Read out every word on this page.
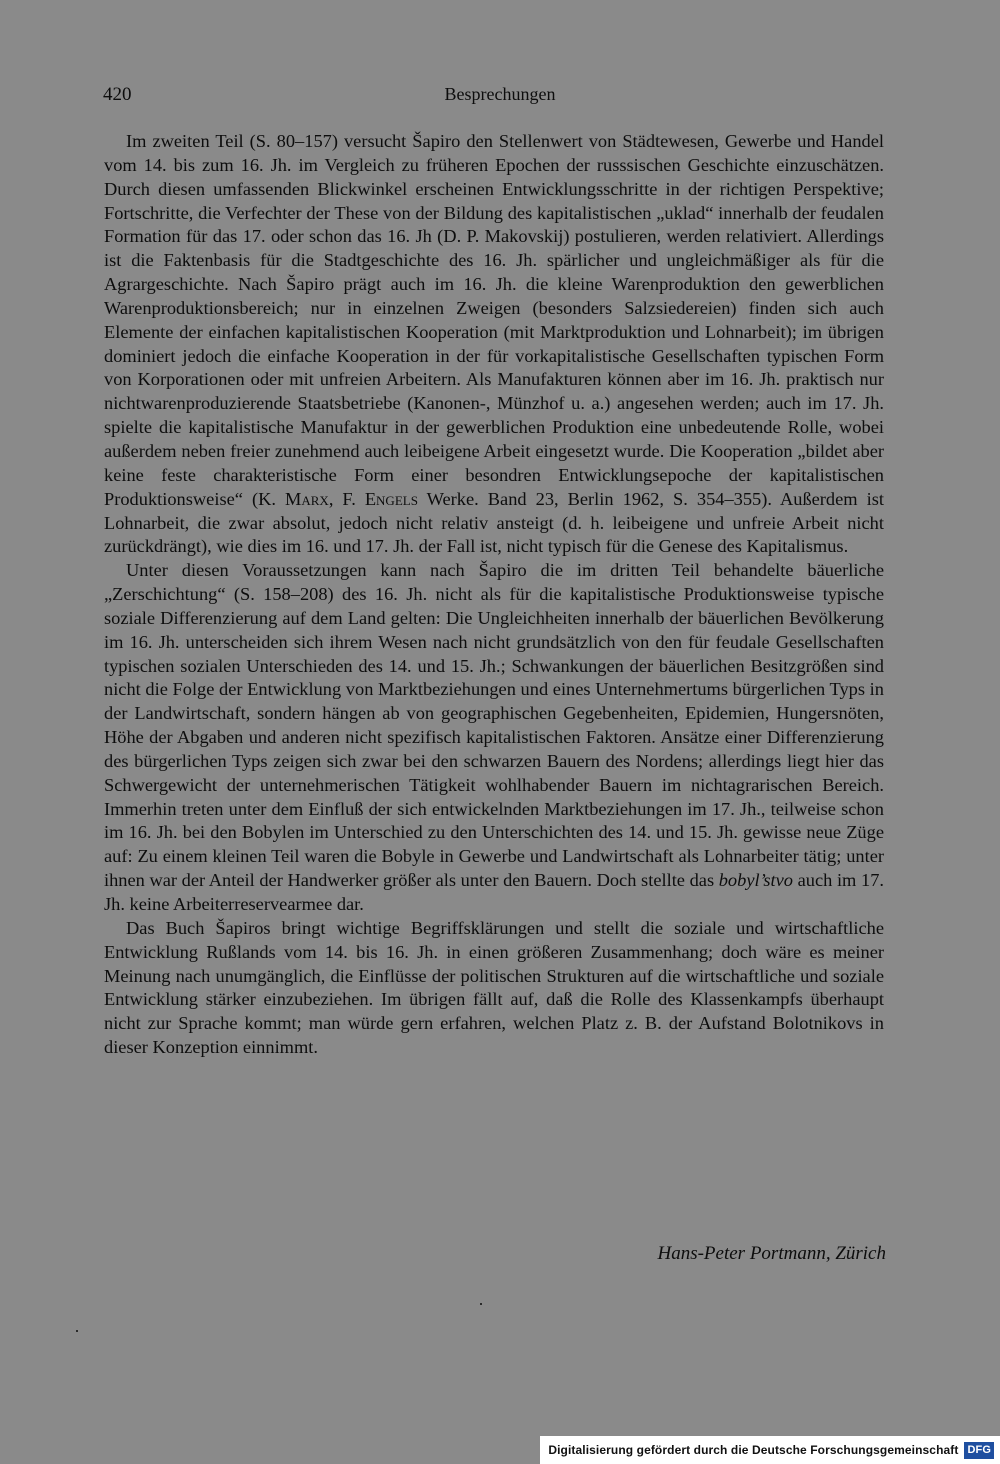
420	Besprechungen

Im zweiten Teil (S. 80–157) versucht Šapiro den Stellenwert von Städtewesen, Gewerbe und Handel vom 14. bis zum 16. Jh. im Vergleich zu früheren Epochen der russsischen Geschichte einzuschätzen. Durch diesen umfassenden Blickwinkel erscheinen Entwicklungsschritte in der richtigen Perspektive; Fortschritte, die Verfechter der These von der Bildung des kapitalistischen „uklad“ innerhalb der feudalen Formation für das 17. oder schon das 16. Jh (D. P. Makovskij) postulieren, werden relativiert. Allerdings ist die Faktenbasis für die Stadtgeschichte des 16. Jh. spärlicher und ungleichmäßiger als für die Agrargeschichte. Nach Šapiro prägt auch im 16. Jh. die kleine Warenproduktion den gewerblichen Warenproduktionsbereich; nur in einzelnen Zweigen (besonders Salzsiedereien) finden sich auch Elemente der einfachen kapitalistischen Kooperation (mit Marktproduktion und Lohnarbeit); im übrigen dominiert jedoch die einfache Kooperation in der für vorkapitalistische Gesellschaften typischen Form von Korporationen oder mit unfreien Arbeitern. Als Manufakturen können aber im 16. Jh. praktisch nur nichtwarenproduzierende Staatsbetriebe (Kanonen-, Münzhof u. a.) angesehen werden; auch im 17. Jh. spielte die kapitalistische Manufaktur in der gewerblichen Produktion eine unbedeutende Rolle, wobei außerdem neben freier zunehmend auch leibeigene Arbeit eingesetzt wurde. Die Kooperation „bildet aber keine feste charakteristische Form einer besondren Entwicklungsepoche der kapitalistischen Produktionsweise“ (K. Marx, F. Engels Werke. Band 23, Berlin 1962, S. 354–355). Außerdem ist Lohnarbeit, die zwar absolut, jedoch nicht relativ ansteigt (d. h. leibeigene und unfreie Arbeit nicht zurückdrängt), wie dies im 16. und 17. Jh. der Fall ist, nicht typisch für die Genese des Kapitalismus.

Unter diesen Voraussetzungen kann nach Šapiro die im dritten Teil behandelte bäuerliche „Zerschichtung“ (S. 158–208) des 16. Jh. nicht als für die kapitalistische Produktionsweise typische soziale Differenzierung auf dem Land gelten: Die Ungleichheiten innerhalb der bäuerlichen Bevölkerung im 16. Jh. unterscheiden sich ihrem Wesen nach nicht grundsätzlich von den für feudale Gesellschaften typischen sozialen Unterschieden des 14. und 15. Jh.; Schwankungen der bäuerlichen Besitzgrößen sind nicht die Folge der Entwicklung von Marktbeziehungen und eines Unternehmertums bürgerlichen Typs in der Landwirtschaft, sondern hängen ab von geographischen Gegebenheiten, Epidemien, Hungersnöten, Höhe der Abgaben und anderen nicht spezifisch kapitalistischen Faktoren. Ansätze einer Differenzierung des bürgerlichen Typs zeigen sich zwar bei den schwarzen Bauern des Nordens; allerdings liegt hier das Schwergewicht der unternehmerischen Tätigkeit wohlhabender Bauern im nichtagrarischen Bereich. Immerhin treten unter dem Einfluß der sich entwickelnden Marktbeziehungen im 17. Jh., teilweise schon im 16. Jh. bei den Bobylen im Unterschied zu den Unterschichten des 14. und 15. Jh. gewisse neue Züge auf: Zu einem kleinen Teil waren die Bobyle in Gewerbe und Landwirtschaft als Lohnarbeiter tätig; unter ihnen war der Anteil der Handwerker größer als unter den Bauern. Doch stellte das bobyl’stvo auch im 17. Jh. keine Arbeiterreservearmee dar.

Das Buch Šapiros bringt wichtige Begriffsklärungen und stellt die soziale und wirtschaftliche Entwicklung Rußlands vom 14. bis 16. Jh. in einen größeren Zusammenhang; doch wäre es meiner Meinung nach unumgänglich, die Einflüsse der politischen Strukturen auf die wirtschaftliche und soziale Entwicklung stärker einzubeziehen. Im übrigen fällt auf, daß die Rolle des Klassenkampfs überhaupt nicht zur Sprache kommt; man würde gern erfahren, welchen Platz z. B. der Aufstand Bolotnikovs in dieser Konzeption einnimmt.

Hans-Peter Portmann, Zürich
Digitalisierung gefördert durch die Deutsche Forschungsgemeinschaft DFG
